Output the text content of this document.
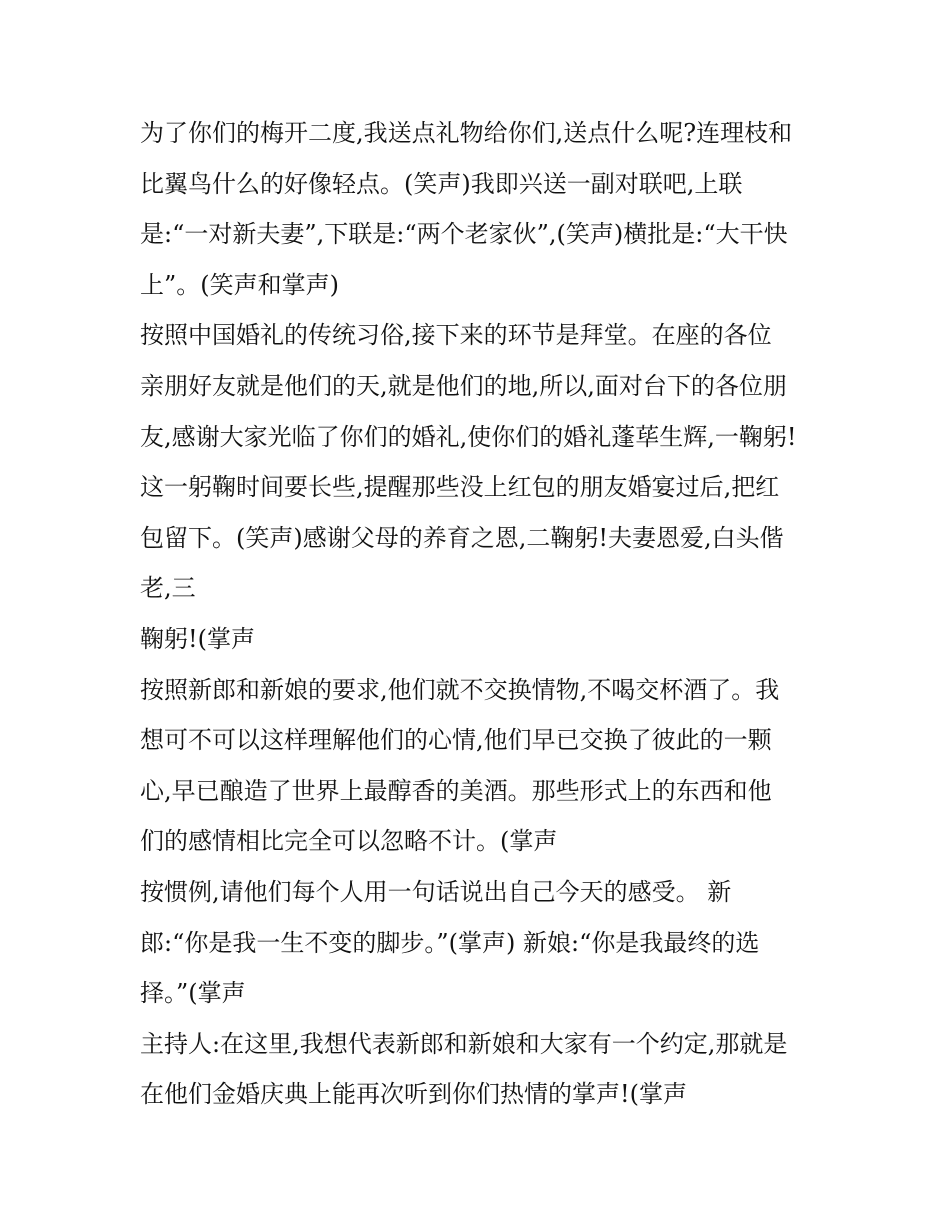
为了你们的梅开二度,我送点礼物给你们,送点什么呢?连理枝和
比翼鸟什么的好像轻点。(笑声)我即兴送一副对联吧,上联
是:“一对新夫妻”,下联是:“两个老家伙”,(笑声)横批是:“大干快
上”。(笑声和掌声)
按照中国婚礼的传统习俗,接下来的环节是拜堂。在座的各位
亲朋好友就是他们的天,就是他们的地,所以,面对台下的各位朋
友,感谢大家光临了你们的婚礼,使你们的婚礼蓬荜生辉,一鞠躬!
这一躬鞠时间要长些,提醒那些没上红包的朋友婚宴过后,把红
包留下。(笑声)感谢父母的养育之恩,二鞠躬!夫妻恩爱,白头偕
老,三
鞠躬!(掌声
按照新郎和新娘的要求,他们就不交换情物,不喝交杯酒了。我
想可不可以这样理解他们的心情,他们早已交换了彼此的一颗
心,早已酿造了世界上最醇香的美酒。那些形式上的东西和他
们的感情相比完全可以忽略不计。(掌声
按惯例,请他们每个人用一句话说出自己今天的感受。 新
郎:“你是我一生不变的脚步。”(掌声) 新娘:“你是我最终的选
择。”(掌声
主持人:在这里,我想代表新郎和新娘和大家有一个约定,那就是
在他们金婚庆典上能再次听到你们热情的掌声!(掌声
